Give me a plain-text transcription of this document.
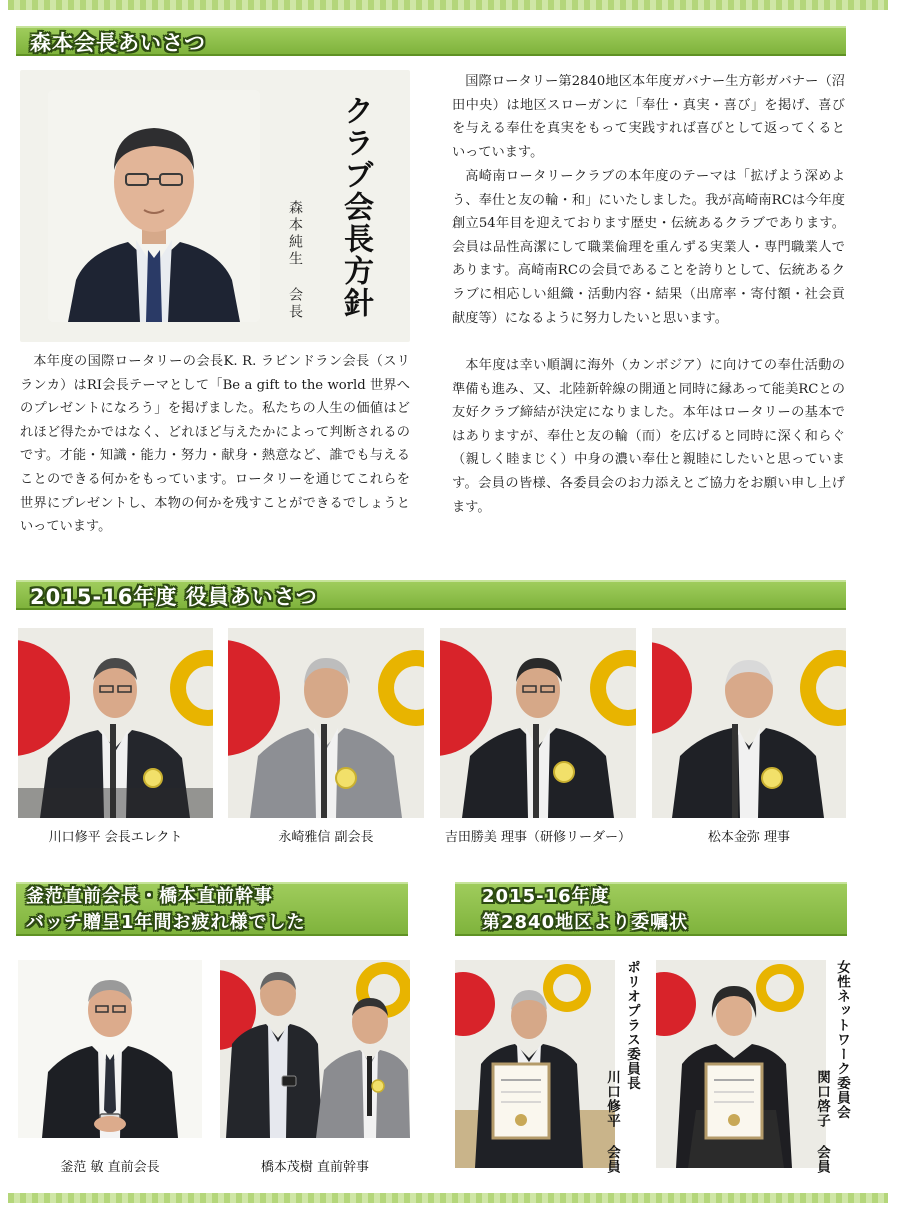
森本会長あいさつ
クラブ会長方針
森本純生 会長

本年度の国際ロータリーの会長K. R. ラビンドラン会長（スリランカ）はRI会長テーマとして「Be a gift to the world 世界へのプレゼントになろう」を掲げました。私たちの人生の価値はどれほど得たかではなく、どれほど与えたかによって判断されるのです。才能・知識・能力・努力・献身・熱意など、誰でも与えることのできる何かをもっています。ロータリーを通じてこれらを世界にプレゼントし、本物の何かを残すことができるでしょうといっています。

国際ロータリー第2840地区本年度ガバナー生方彰ガバナー（沼田中央）は地区スローガンに「奉仕・真実・喜び」を掲げ、喜びを与える奉仕を真実をもって実践すれば喜びとして返ってくるといっています。

高崎南ロータリークラブの本年度のテーマは「拡げよう深めよう、奉仕と友の輪・和」にいたしました。我が高崎南RCは今年度創立54年目を迎えております歴史・伝統あるクラブであります。会員は品性高潔にして職業倫理を重んずる実業人・専門職業人であります。高崎南RCの会員であることを誇りとして、伝統あるクラブに相応しい組織・活動内容・結果（出席率・寄付額・社会貢献度等）になるように努力したいと思います。

本年度は幸い順調に海外（カンボジア）に向けての奉仕活動の準備も進み、又、北陸新幹線の開通と同時に縁あって能美RCとの友好クラブ締結が決定になりました。本年はロータリーの基本ではありますが、奉仕と友の輪（而）を広げると同時に深く和らぐ（親しく睦まじく）中身の濃い奉仕と親睦にしたいと思っています。会員の皆様、各委員会のお力添えとご協力をお願い申し上げます。

2015-16年度 役員あいさつ
川口修平 会長エレクト	永崎雅信 副会長	吉田勝美 理事（研修リーダー）	松本金弥 理事
釜范直前会長・橋本直前幹事
バッチ贈呈1年間お疲れ様でした
釜范 敏 直前会長	橋本茂樹 直前幹事
2015-16年度
第2840地区より委嘱状
ポリオプラス委員長
川口修平 会員
女性ネットワーク委員会
関口啓子 会員
